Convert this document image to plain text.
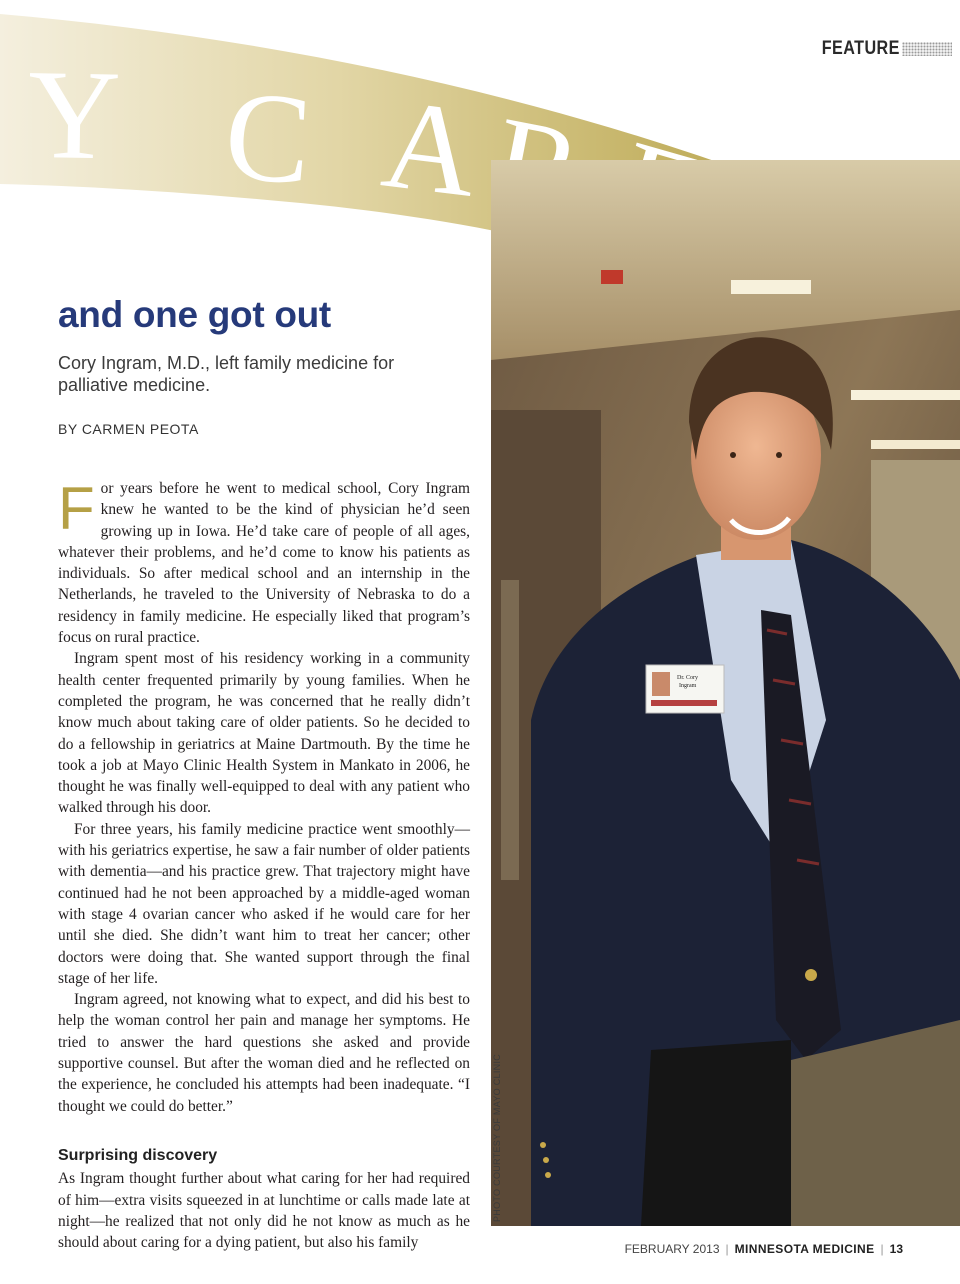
Y C A
FEATURE
Dr. Cory
Ingram
PHOTO COURTESY OF MAYO CLINIC
and one got out

Cory Ingram, M.D., left family medicine for palliative medicine.

BY CARMEN PEOTA

For years before he went to medical school, Cory Ingram knew he wanted to be the kind of physician he’d seen growing up in Iowa. He’d take care of people of all ages, whatever their problems, and he’d come to know his patients as individuals. So after medical school and an internship in the Netherlands, he traveled to the University of Nebraska to do a residency in family medicine. He especially liked that program’s focus on rural practice.

Ingram spent most of his residency working in a community health center frequented primarily by young families. When he completed the program, he was concerned that he really didn’t know much about taking care of older patients. So he decided to do a fellowship in geriatrics at Maine Dartmouth. By the time he took a job at Mayo Clinic Health System in Mankato in 2006, he thought he was finally well-equipped to deal with any patient who walked through his door.

For three years, his family medicine practice went smoothly—with his geriatrics expertise, he saw a fair number of older patients with dementia—and his practice grew. That trajectory might have continued had he not been approached by a middle-aged woman with stage 4 ovarian cancer who asked if he would care for her until she died. She didn’t want him to treat her cancer; other doctors were doing that. She wanted support through the final stage of her life.

Ingram agreed, not knowing what to expect, and did his best to help the woman control her pain and manage her symptoms. He tried to answer the hard questions she asked and provide supportive counsel. But after the woman died and he reflected on the experience, he concluded his attempts had been inadequate. “I thought we could do better.”

Surprising discovery

As Ingram thought further about what caring for her had required of him—extra visits squeezed in at lunchtime or calls made late at night—he realized that not only did he not know as much as he should about caring for a dying patient, but also his family	FEBRUARY 2013 | MINNESOTA MEDICINE | 13
